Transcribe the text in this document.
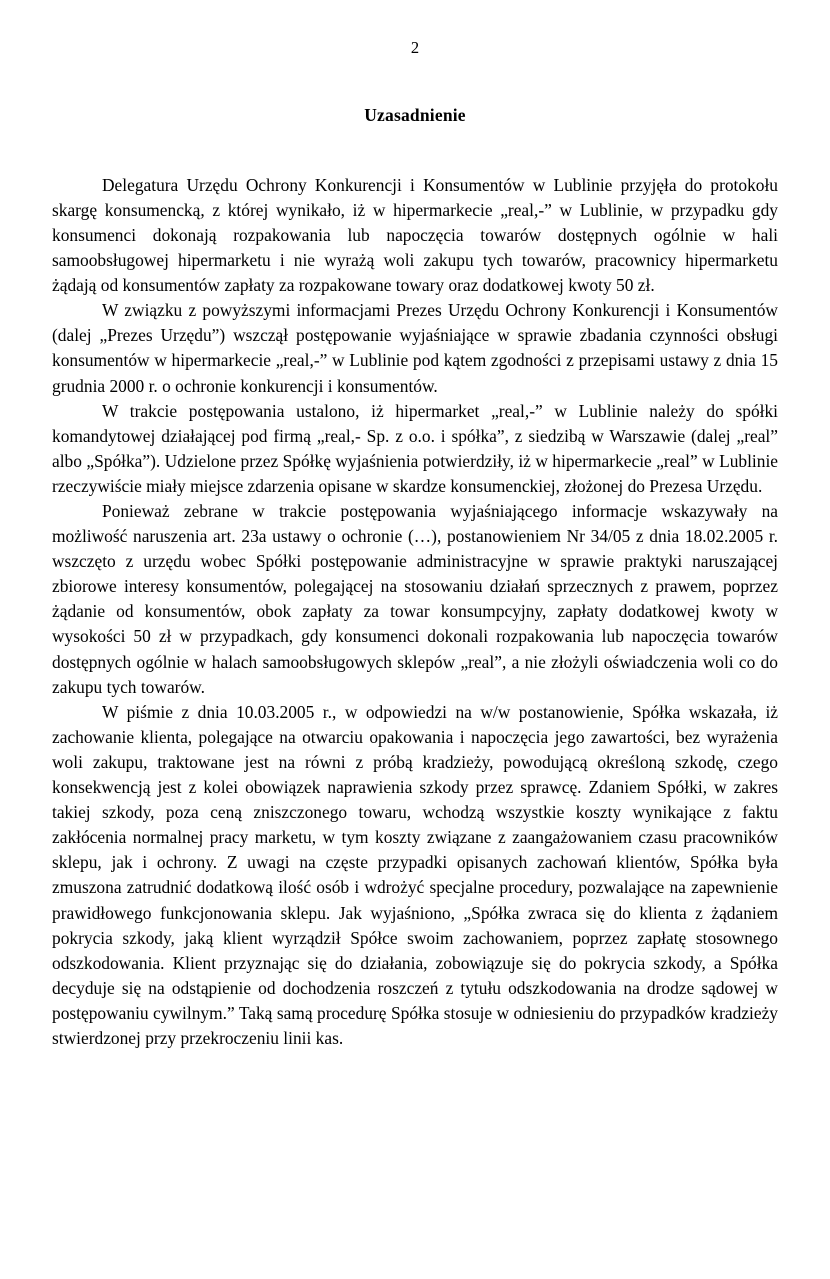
2
Uzasadnienie

Delegatura Urzędu Ochrony Konkurencji i Konsumentów w Lublinie przyjęła do protokołu skargę konsumencką, z której wynikało, iż w hipermarkecie „real,-” w Lublinie, w przypadku gdy konsumenci dokonają rozpakowania lub napoczęcia towarów dostępnych ogólnie w hali samoobsługowej hipermarketu i nie wyrażą woli zakupu tych towarów, pracownicy hipermarketu żądają od konsumentów zapłaty za rozpakowane towary oraz dodatkowej kwoty 50 zł.

W związku z powyższymi informacjami Prezes Urzędu Ochrony Konkurencji i Konsumentów (dalej „Prezes Urzędu”) wszczął postępowanie wyjaśniające w sprawie zbadania czynności obsługi konsumentów w hipermarkecie „real,-” w Lublinie pod kątem zgodności z przepisami ustawy z dnia 15 grudnia 2000 r. o ochronie konkurencji i konsumentów.

W trakcie postępowania ustalono, iż hipermarket „real,-” w Lublinie należy do spółki komandytowej działającej pod firmą „real,- Sp. z o.o. i spółka”, z siedzibą w Warszawie (dalej „real” albo „Spółka”). Udzielone przez Spółkę wyjaśnienia potwierdziły, iż w hipermarkecie „real” w Lublinie rzeczywiście miały miejsce zdarzenia opisane w skardze konsumenckiej, złożonej do Prezesa Urzędu.

Ponieważ zebrane w trakcie postępowania wyjaśniającego informacje wskazywały na możliwość naruszenia art. 23a ustawy o ochronie (…), postanowieniem Nr 34/05 z dnia 18.02.2005 r. wszczęto z urzędu wobec Spółki postępowanie administracyjne w sprawie praktyki naruszającej zbiorowe interesy konsumentów, polegającej na stosowaniu działań sprzecznych z prawem, poprzez żądanie od konsumentów, obok zapłaty za towar konsumpcyjny, zapłaty dodatkowej kwoty w wysokości 50 zł w przypadkach, gdy konsumenci dokonali rozpakowania lub napoczęcia towarów dostępnych ogólnie w halach samoobsługowych sklepów „real”, a nie złożyli oświadczenia woli co do zakupu tych towarów.

W piśmie z dnia 10.03.2005 r., w odpowiedzi na w/w postanowienie, Spółka wskazała, iż zachowanie klienta, polegające na otwarciu opakowania i napoczęcia jego zawartości, bez wyrażenia woli zakupu, traktowane jest na równi z próbą kradzieży, powodującą określoną szkodę, czego konsekwencją jest z kolei obowiązek naprawienia szkody przez sprawcę. Zdaniem Spółki, w zakres takiej szkody, poza ceną zniszczonego towaru, wchodzą wszystkie koszty wynikające z faktu zakłócenia normalnej pracy marketu, w tym koszty związane z zaangażowaniem czasu pracowników sklepu, jak i ochrony. Z uwagi na częste przypadki opisanych zachowań klientów, Spółka była zmuszona zatrudnić dodatkową ilość osób i wdrożyć specjalne procedury, pozwalające na zapewnienie prawidłowego funkcjonowania sklepu. Jak wyjaśniono, „Spółka zwraca się do klienta z żądaniem pokrycia szkody, jaką klient wyrządził Spółce swoim zachowaniem, poprzez zapłatę stosownego odszkodowania. Klient przyznając się do działania, zobowiązuje się do pokrycia szkody, a Spółka decyduje się na odstąpienie od dochodzenia roszczeń z tytułu odszkodowania na drodze sądowej w postępowaniu cywilnym.” Taką samą procedurę Spółka stosuje w odniesieniu do przypadków kradzieży stwierdzonej przy przekroczeniu linii kas.
